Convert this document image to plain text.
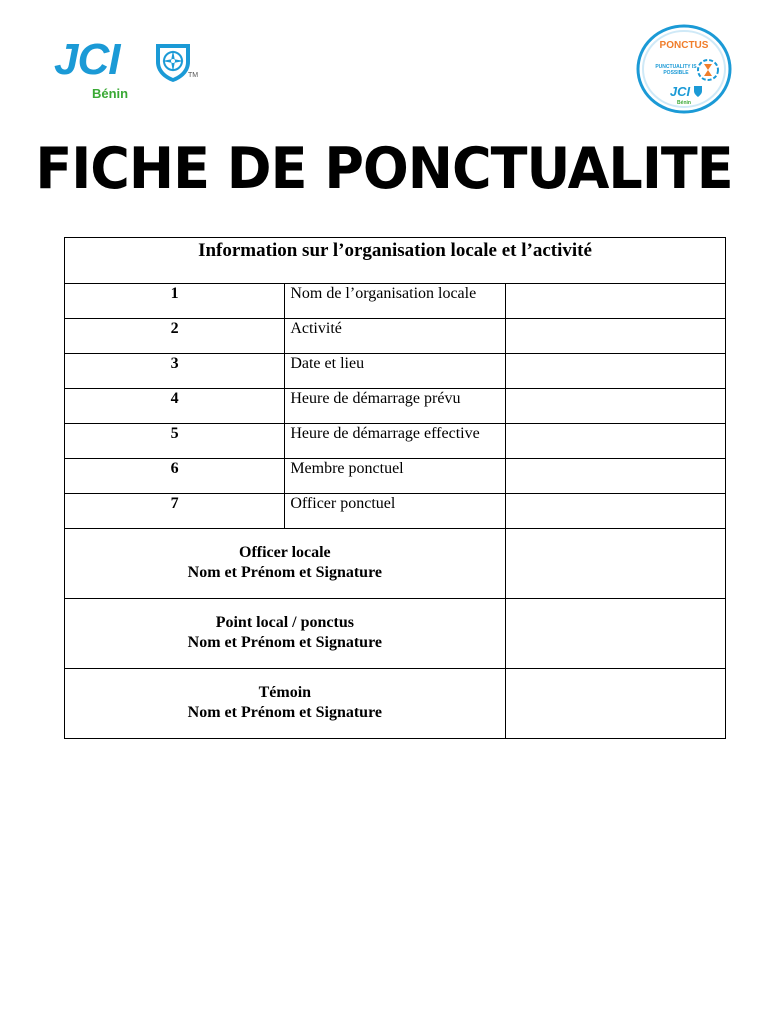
JCI	TM
Bénin
PONCTUS
PUNCTUALITY IS
POSSIBLE
JCI
Bénin
FICHE DE PONCTUALITE
Information sur l’organisation locale et l’activité		
1	Nom de l’organisation locale	
2	Activité	
3	Date et lieu	
4	Heure de démarrage prévu	
5	Heure de démarrage effective	
6	Membre ponctuel	
7	Officer ponctuel	

Officer locale
Nom et Prénom et Signature		

Point local / ponctus
Nom et Prénom et Signature		

Témoin
Nom et Prénom et Signature		
